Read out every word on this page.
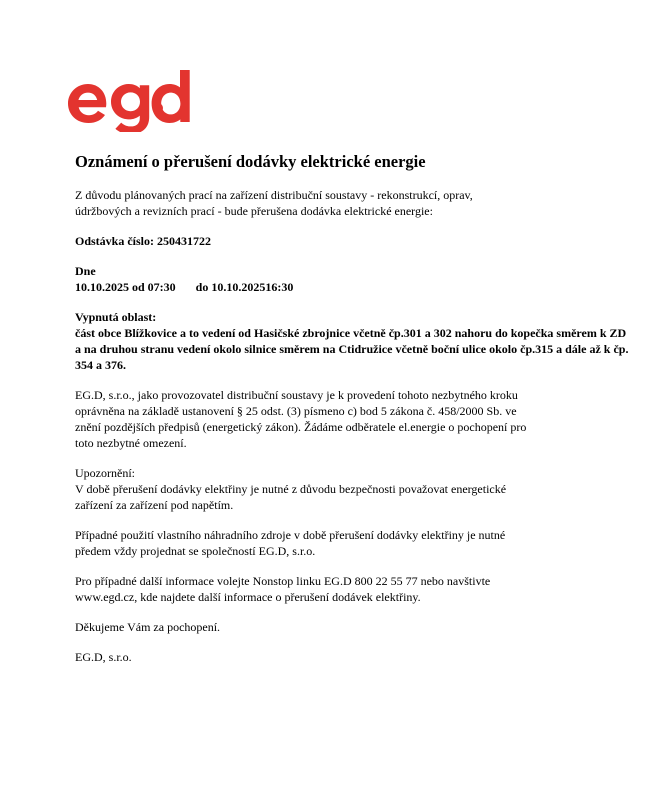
Oznámení o přerušení dodávky elektrické energie

Z důvodu plánovaných prací na zařízení distribuční soustavy - rekonstrukcí, oprav,
údržbových a revizních prací - bude přerušena dodávka elektrické energie:

Odstávka číslo: 250431722

Dne

10.10.2025 od 07:30 do 10.10.202516:30

Vypnutá oblast:

část obce Blížkovice a to vedení od Hasičské zbrojnice včetně čp.301 a 302 nahoru do kopečka směrem k ZD a na druhou stranu vedení okolo silnice směrem na Ctidružice včetně boční ulice okolo čp.315 a dále až k čp. 354 a 376.

EG.D, s.r.o., jako provozovatel distribuční soustavy je k provedení tohoto nezbytného kroku
oprávněna na základě ustanovení § 25 odst. (3) písmeno c) bod 5 zákona č. 458/2000 Sb. ve
znění pozdějších předpisů (energetický zákon). Žádáme odběratele el.energie o pochopení pro
toto nezbytné omezení.

Upozornění:

V době přerušení dodávky elektřiny je nutné z důvodu bezpečnosti považovat energetické
zařízení za zařízení pod napětím.

Případné použití vlastního náhradního zdroje v době přerušení dodávky elektřiny je nutné
předem vždy projednat se společností EG.D, s.r.o.

Pro případné další informace volejte Nonstop linku EG.D 800 22 55 77 nebo navštivte
www.egd.cz, kde najdete další informace o přerušení dodávek elektřiny.

Děkujeme Vám za pochopení.

EG.D, s.r.o.
